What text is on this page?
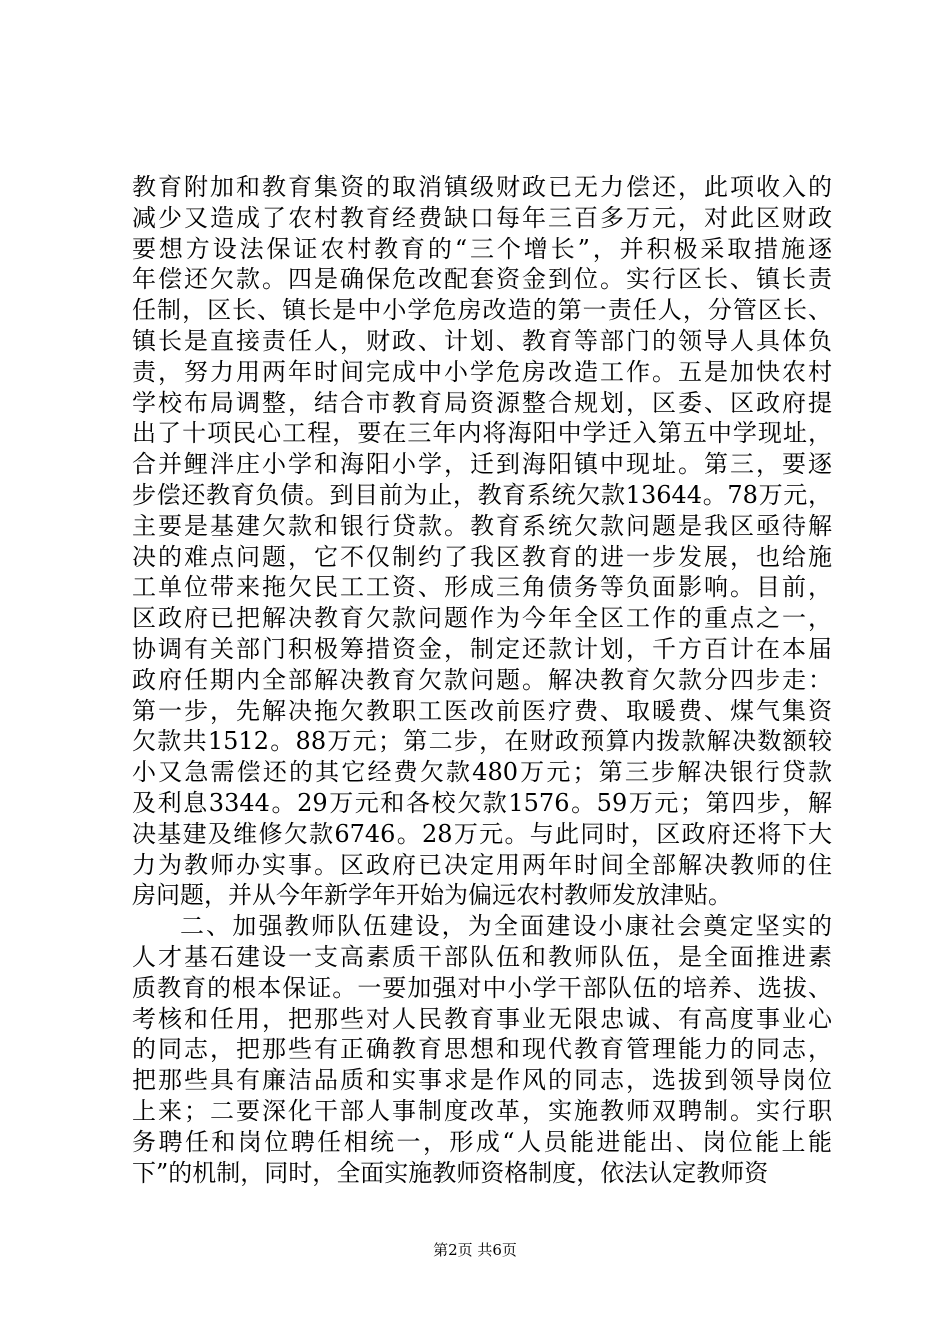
教育附加和教育集资的取消镇级财政已无力偿还，此项收入的
减少又造成了农村教育经费缺口每年三百多万元，对此区财政
要想方设法保证农村教育的“三个增长”，并积极采取措施逐
年偿还欠款。四是确保危改配套资金到位。实行区长、镇长责
任制，区长、镇长是中小学危房改造的第一责任人，分管区长、
镇长是直接责任人，财政、计划、教育等部门的领导人具体负
责，努力用两年时间完成中小学危房改造工作。五是加快农村
学校布局调整，结合市教育局资源整合规划，区委、区政府提
出了十项民心工程，要在三年内将海阳中学迁入第五中学现址，
合并鲤泮庄小学和海阳小学，迁到海阳镇中现址。第三，要逐
步偿还教育负债。到目前为止，教育系统欠款13644。78万元，
主要是基建欠款和银行贷款。教育系统欠款问题是我区亟待解
决的难点问题，它不仅制约了我区教育的进一步发展，也给施
工单位带来拖欠民工工资、形成三角债务等负面影响。目前，
区政府已把解决教育欠款问题作为今年全区工作的重点之一，
协调有关部门积极筹措资金，制定还款计划，千方百计在本届
政府任期内全部解决教育欠款问题。解决教育欠款分四步走：
第一步，先解决拖欠教职工医改前医疗费、取暖费、煤气集资
欠款共1512。88万元；第二步，在财政预算内拨款解决数额较
小又急需偿还的其它经费欠款480万元；第三步解决银行贷款
及利息3344。29万元和各校欠款1576。59万元；第四步，解
决基建及维修欠款6746。28万元。与此同时，区政府还将下大
力为教师办实事。区政府已决定用两年时间全部解决教师的住
房问题，并从今年新学年开始为偏远农村教师发放津贴。
二、加强教师队伍建设，为全面建设小康社会奠定坚实的
人才基石建设一支高素质干部队伍和教师队伍，是全面推进素
质教育的根本保证。一要加强对中小学干部队伍的培养、选拔、
考核和任用，把那些对人民教育事业无限忠诚、有高度事业心
的同志，把那些有正确教育思想和现代教育管理能力的同志，
把那些具有廉洁品质和实事求是作风的同志，选拔到领导岗位
上来；二要深化干部人事制度改革，实施教师双聘制。实行职
务聘任和岗位聘任相统一，形成“人员能进能出、岗位能上能
下”的机制，同时，全面实施教师资格制度，依法认定教师资
第2页 共6页
